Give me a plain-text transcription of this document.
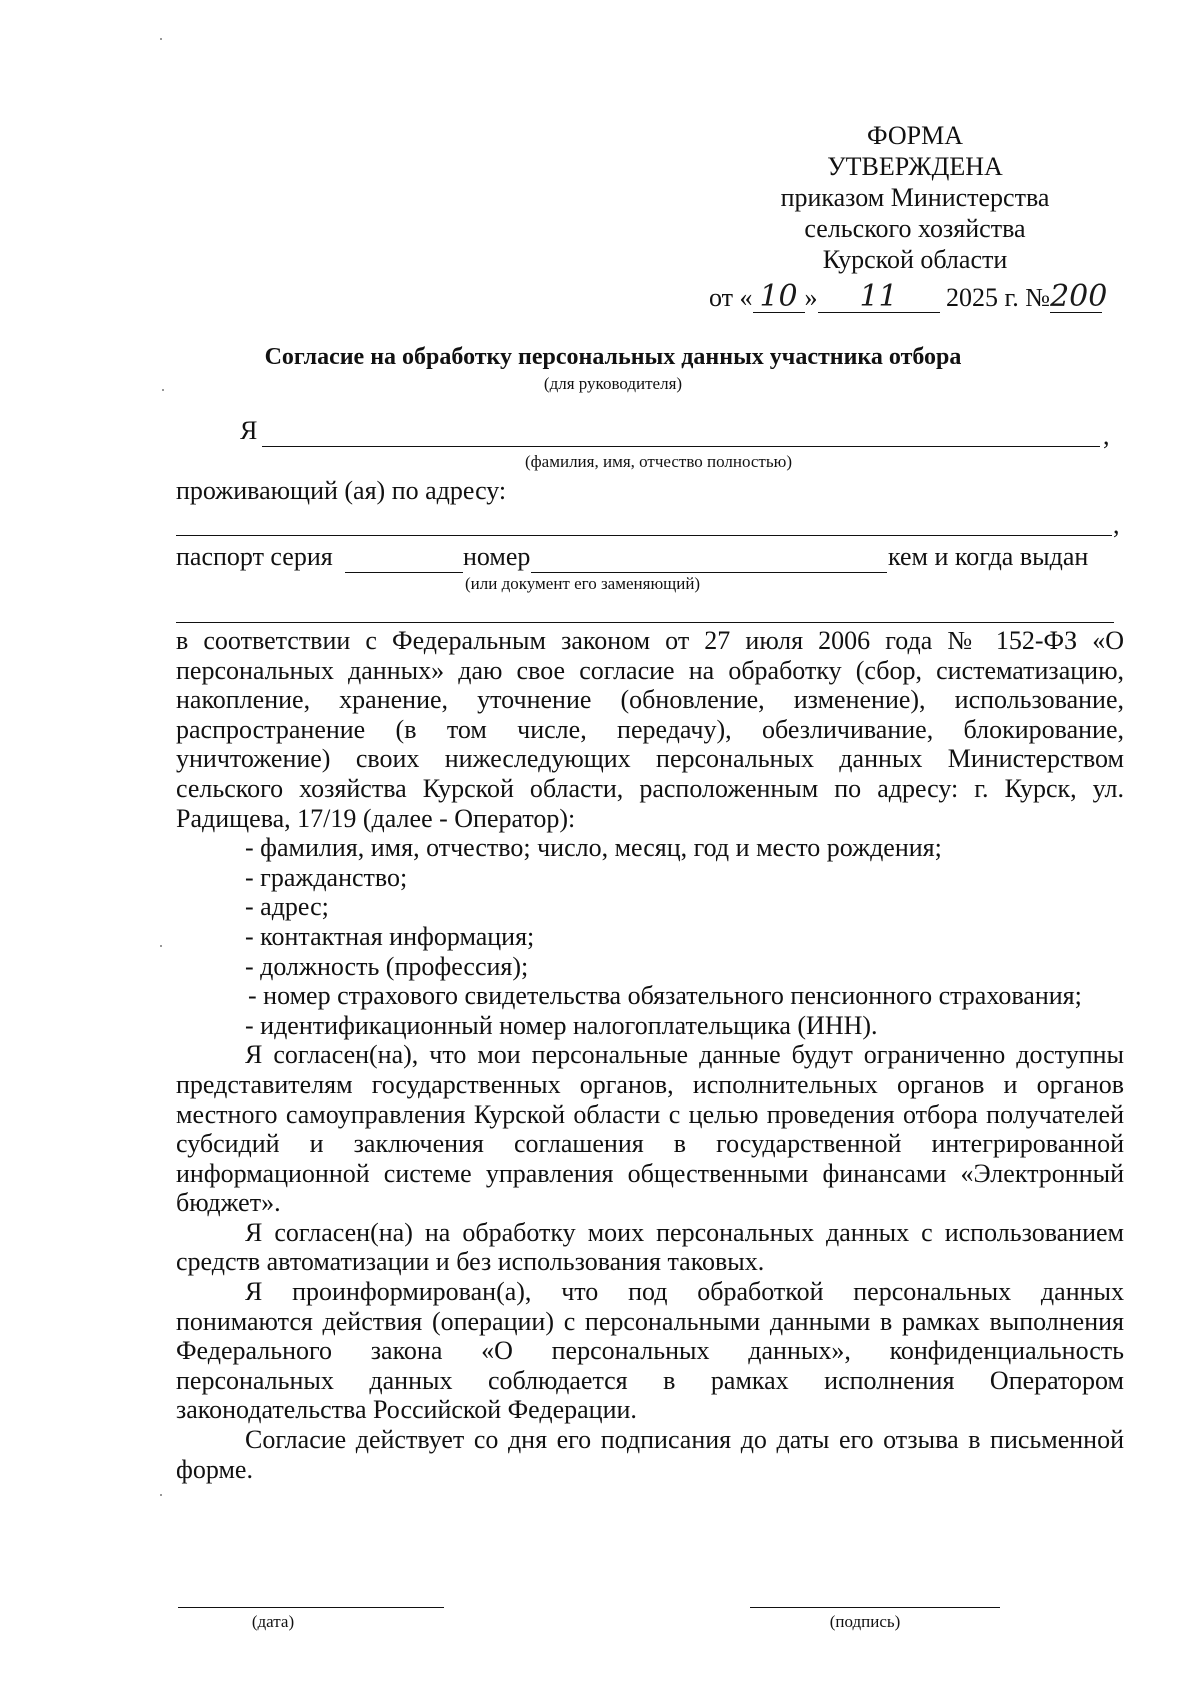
ФОРМА
УТВЕРЖДЕНА
приказом Министерства
сельского хозяйства
Курской области
от « 10 » 11 2025 г. №200
Согласие на обработку персональных данных участника отбора
(для руководителя)
Я	,
(фамилия, имя, отчество полностью)
проживающий (ая) по адресу:
,
паспорт серия	номер	кем и когда выдан
(или документ его заменяющий)

в соответствии с Федеральным законом от 27 июля 2006 года № 152-ФЗ «О персональных данных» даю свое согласие на обработку (сбор, систематизацию, накопление, хранение, уточнение (обновление, изменение), использование, распространение (в том числе, передачу), обезличивание, блокирование, уничтожение) своих нижеследующих персональных данных Министерством сельского хозяйства Курской области, расположенным по адресу: г. Курск, ул. Радищева, 17/19 (далее - Оператор):

- фамилия, имя, отчество; число, месяц, год и место рождения;
- гражданство;
- адрес;
- контактная информация;
- должность (профессия);
- номер страхового свидетельства обязательного пенсионного страхования;
- идентификационный номер налогоплательщика (ИНН).

Я согласен(на), что мои персональные данные будут ограниченно доступны представителям государственных органов, исполнительных органов и органов местного самоуправления Курской области с целью проведения отбора получателей субсидий и заключения соглашения в государственной интегрированной информационной системе управления общественными финансами «Электронный бюджет».

Я согласен(на) на обработку моих персональных данных с использованием средств автоматизации и без использования таковых.

Я проинформирован(а), что под обработкой персональных данных понимаются действия (операции) с персональными данными в рамках выполнения Федерального закона «О персональных данных», конфиденциальность персональных данных соблюдается в рамках исполнения Оператором законодательства Российской Федерации.

Согласие действует со дня его подписания до даты его отзыва в письменной форме.

(дата)	(подпись)
